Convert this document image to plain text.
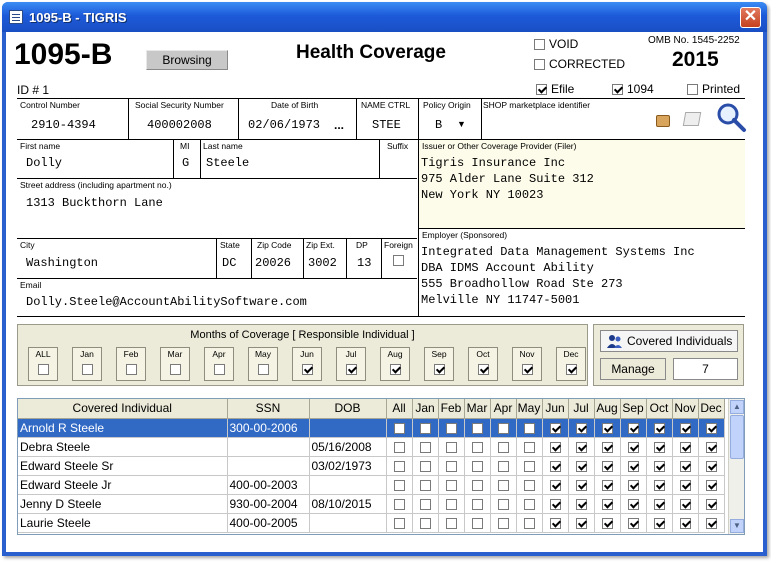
1095-B - TIGRIS	✕
1095-B	Browsing	Health Coverage	VOID
CORRECTED
OMB No. 1545-2252
2015
ID # 1	Efile	1094	Printed
Control Number
2910-4394
Social Security Number
400002008
Date of Birth
02/06/1973 ...
NAME CTRL
STEE
Policy Origin
B ▼
SHOP marketplace identifier
First name
Dolly
MI
G
Last name
Steele
Suffix Issuer or Other Coverage Provider (Filer)
Tigris Insurance Inc
975 Alder Lane Suite 312
New York NY 10023
Street address (including apartment no.)
1313 Buckthorn Lane
Employer (Sponsored)
Integrated Data Management Systems Inc
DBA IDMS Account Ability
555 Broadhollow Road Ste 273
Melville NY 11747-5001
City
Washington
State
DC
Zip Code
20026
Zip Ext.
3002
DP
13
Foreign
Email
Dolly.Steele@AccountAbilitySoftware.com
Months of Coverage [ Responsible Individual ]
ALL	Jan	Feb	Mar	Apr	May	Jun	Jul	Aug	Sep	Oct	Nov	Dec
Covered Individuals
Manage	7
Covered Individual	SSN	DOB	All	Jan	Feb	Mar	Apr	May	Jun	Jul	Aug	Sep	Oct	Nov	Dec
Arnold R Steele	300-00-2006														
Debra Steele		05/16/2008													
Edward Steele Sr		03/02/1973													
Edward Steele Jr	400-00-2003														
Jenny D Steele	930-00-2004	08/10/2015													
Laurie Steele	400-00-2005														
▲
▼
